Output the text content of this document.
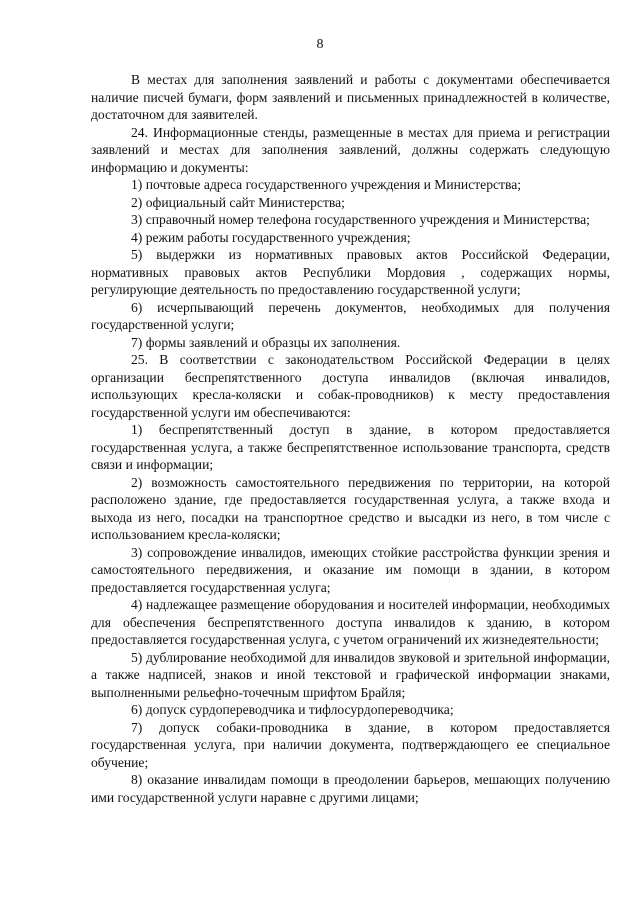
8

В местах для заполнения заявлений и работы с документами обеспечивается наличие писчей бумаги, форм заявлений и письменных принадлежностей в количестве, достаточном для заявителей.

24. Информационные стенды, размещенные в местах для приема и регистрации заявлений и местах для заполнения заявлений, должны содержать следующую информацию и документы:

1) почтовые адреса государственного учреждения и Министерства;

2) официальный сайт Министерства;

3) справочный номер телефона государственного учреждения и Министерства;

4) режим работы государственного учреждения;

5) выдержки из нормативных правовых актов Российской Федерации, нормативных правовых актов Республики Мордовия , содержащих нормы, регулирующие деятельность по предоставлению государственной услуги;

6) исчерпывающий перечень документов, необходимых для получения государственной услуги;

7) формы заявлений и образцы их заполнения.

25. В соответствии с законодательством Российской Федерации в целях организации беспрепятственного доступа инвалидов (включая инвалидов, использующих кресла-коляски и собак-проводников) к месту предоставления государственной услуги им обеспечиваются:

1) беспрепятственный доступ в здание, в котором предоставляется государственная услуга, а также беспрепятственное использование транспорта, средств связи и информации;

2) возможность самостоятельного передвижения по территории, на которой расположено здание, где предоставляется государственная услуга, а также входа и выхода из него, посадки на транспортное средство и высадки из него, в том числе с использованием кресла-коляски;

3) сопровождение инвалидов, имеющих стойкие расстройства функции зрения и самостоятельного передвижения, и оказание им помощи в здании, в котором предоставляется государственная услуга;

4) надлежащее размещение оборудования и носителей информации, необходимых для обеспечения беспрепятственного доступа инвалидов к зданию, в котором предоставляется государственная услуга, с учетом ограничений их жизнедеятельности;

5) дублирование необходимой для инвалидов звуковой и зрительной информации, а также надписей, знаков и иной текстовой и графической информации знаками, выполненными рельефно-точечным шрифтом Брайля;

6) допуск сурдопереводчика и тифлосурдопереводчика;

7) допуск собаки-проводника в здание, в котором предоставляется государственная услуга, при наличии документа, подтверждающего ее специальное обучение;

8) оказание инвалидам помощи в преодолении барьеров, мешающих получению ими государственной услуги наравне с другими лицами;
